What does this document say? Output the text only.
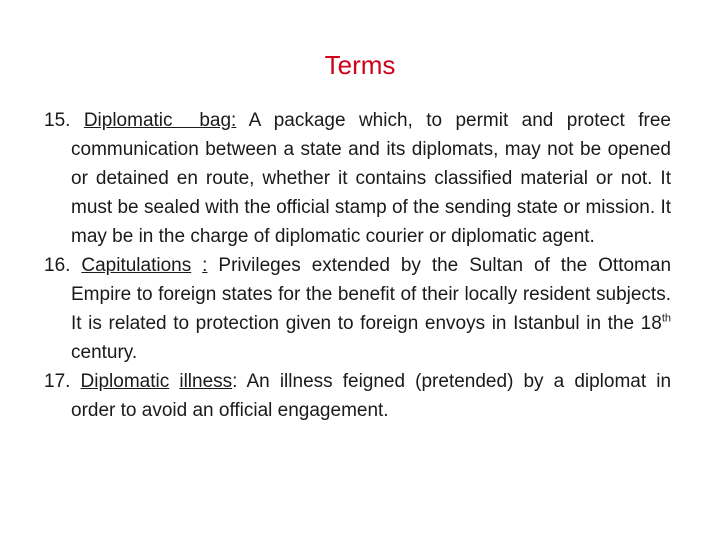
Terms

15. Diplomatic  bag: A package which, to permit and protect free communication between a state and its diplomats, may not be opened or detained en route, whether it contains classified material or not. It must be sealed with the official stamp of the sending state or mission. It may be in the charge of diplomatic courier or diplomatic agent.

16. Capitulations : Privileges extended by the Sultan of the Ottoman Empire to foreign states for the benefit of their locally resident subjects. It is related to protection given to foreign envoys in Istanbul in the 18th century.

17. Diplomatic illness: An illness feigned (pretended) by a diplomat in order to avoid an official engagement.
